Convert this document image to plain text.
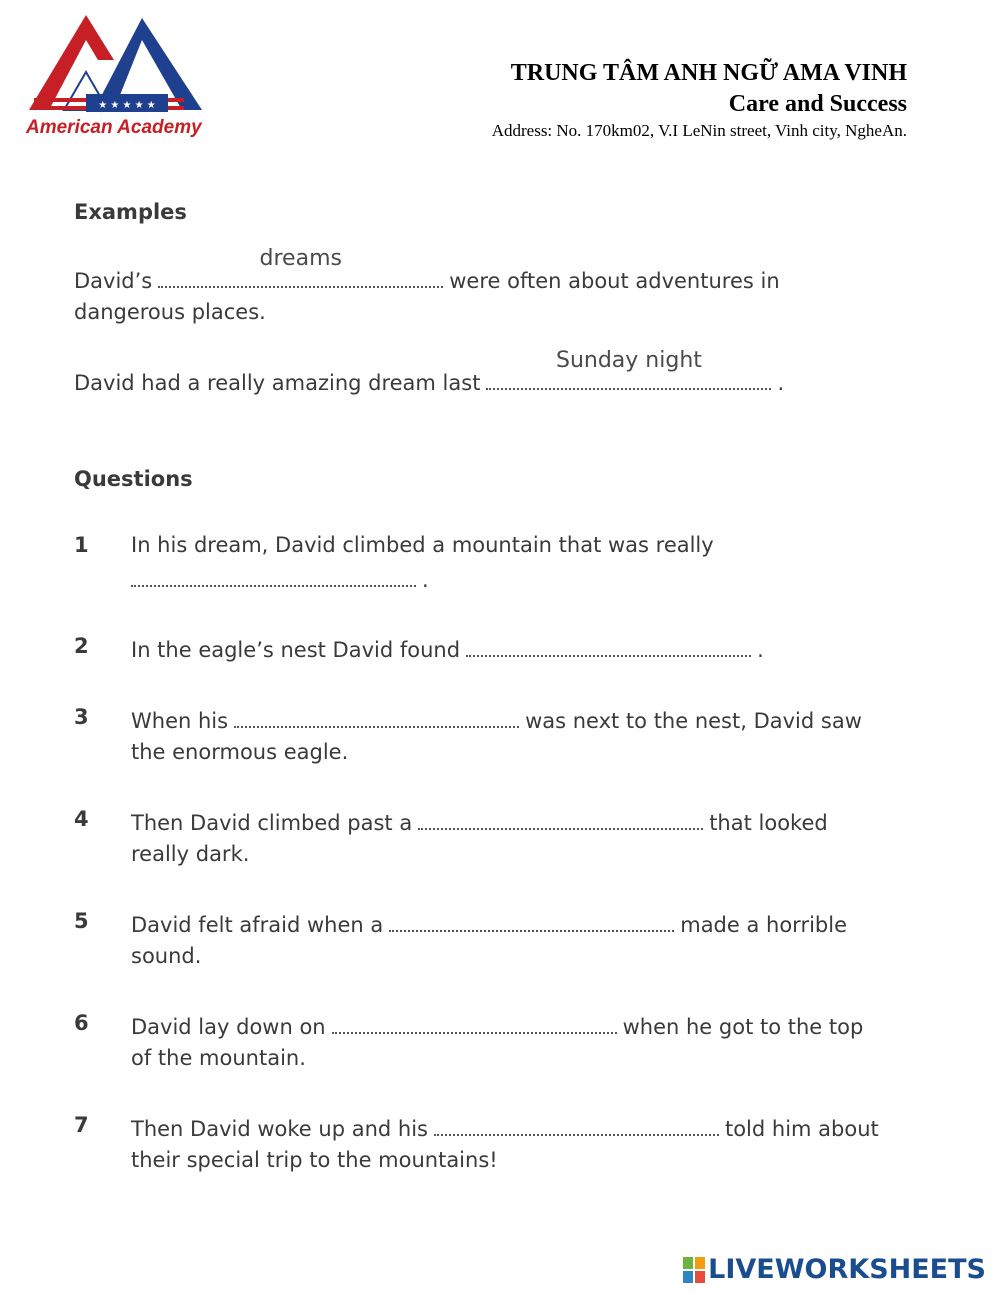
★ ★ ★ ★ ★
American Academy
TRUNG TÂM ANH NGỮ AMA VINH
Care and Success
Address: No. 170km02, V.I LeNin street, Vinh city, NgheAn.
Examples
David’s
dreams
were often about adventures in
dangerous places.
David had a really amazing dream last
Sunday night
.
Questions
1 In his dream, David climbed a mountain that was really
.
2 In the eagle’s nest David found	.
3 When his	was next to the nest, David saw
the enormous eagle.
4 Then David climbed past a	that looked
really dark.
5 David felt afraid when a	made a horrible
sound.
6 David lay down on	when he got to the top
of the mountain.
7 Then David woke up and his	told him about
their special trip to the mountains!
LIVEWORKSHEETS
